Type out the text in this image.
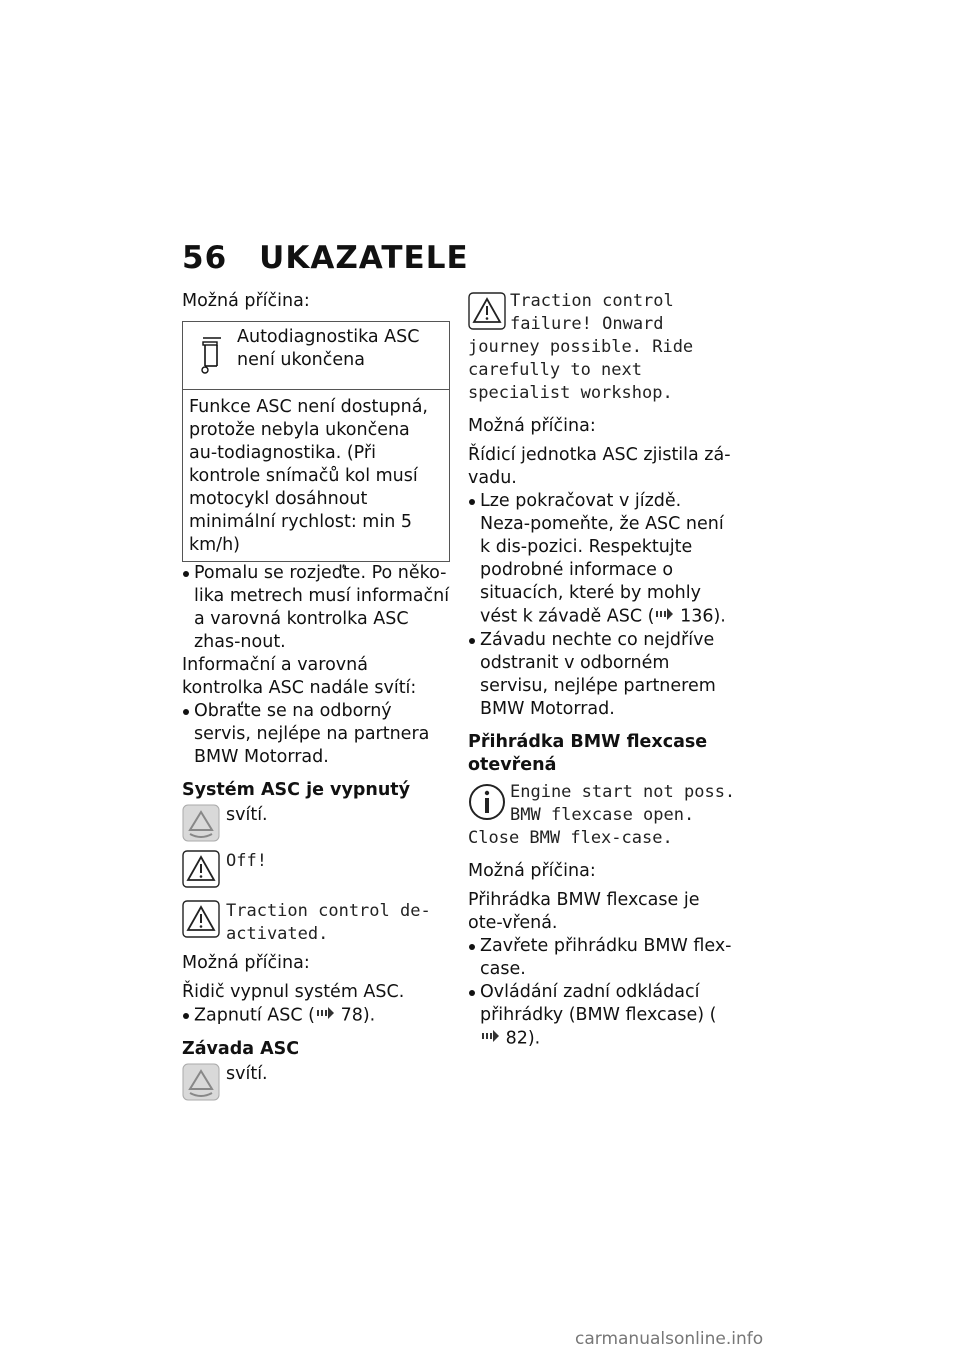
56 UKAZATELE

Možná příčina:

Autodiagnostika ASC není ukončena

Funkce ASC není dostupná, protože nebyla ukončena au-todiagnostika. (Při kontrole snímačů kol musí motocykl dosáhnout minimální rychlost: min 5 km/h)

Pomalu se rozjeďte. Po něko-lika metrech musí informační a varovná kontrolka ASC zhas-nout.

Informační a varovná kontrolka ASC nadále svítí:

Obraťte se na odborný servis, nejlépe na partnera BMW Motorrad.

Systém ASC je vypnutý

svítí.
Off!
Traction control de-activated.

Možná příčina:

Řidič vypnul systém ASC.

Zapnutí ASC ( 78).

Závada ASC

svítí.
Traction control failure! Onward journey possible. Ride carefully to next specialist workshop.

Možná příčina:

Řídicí jednotka ASC zjistila zá-vadu.

Lze pokračovat v jízdě. Neza-pomeňte, že ASC není k dis-pozici. Respektujte podrobné informace o situacích, které by mohly vést k závadě ASC ( 136).

Závadu nechte co nejdříve odstranit v odborném servisu, nejlépe partnerem BMW Motorrad.

Přihrádka BMW flexcase otevřená

Engine start not poss. BMW flexcase open. Close BMW flex-case.

Možná příčina:

Přihrádka BMW flexcase je ote-vřená.

Zavřete přihrádku BMW flex-case.

Ovládání zadní odkládací přihrádky (BMW flexcase) ( 82).

carmanualsonline.info
